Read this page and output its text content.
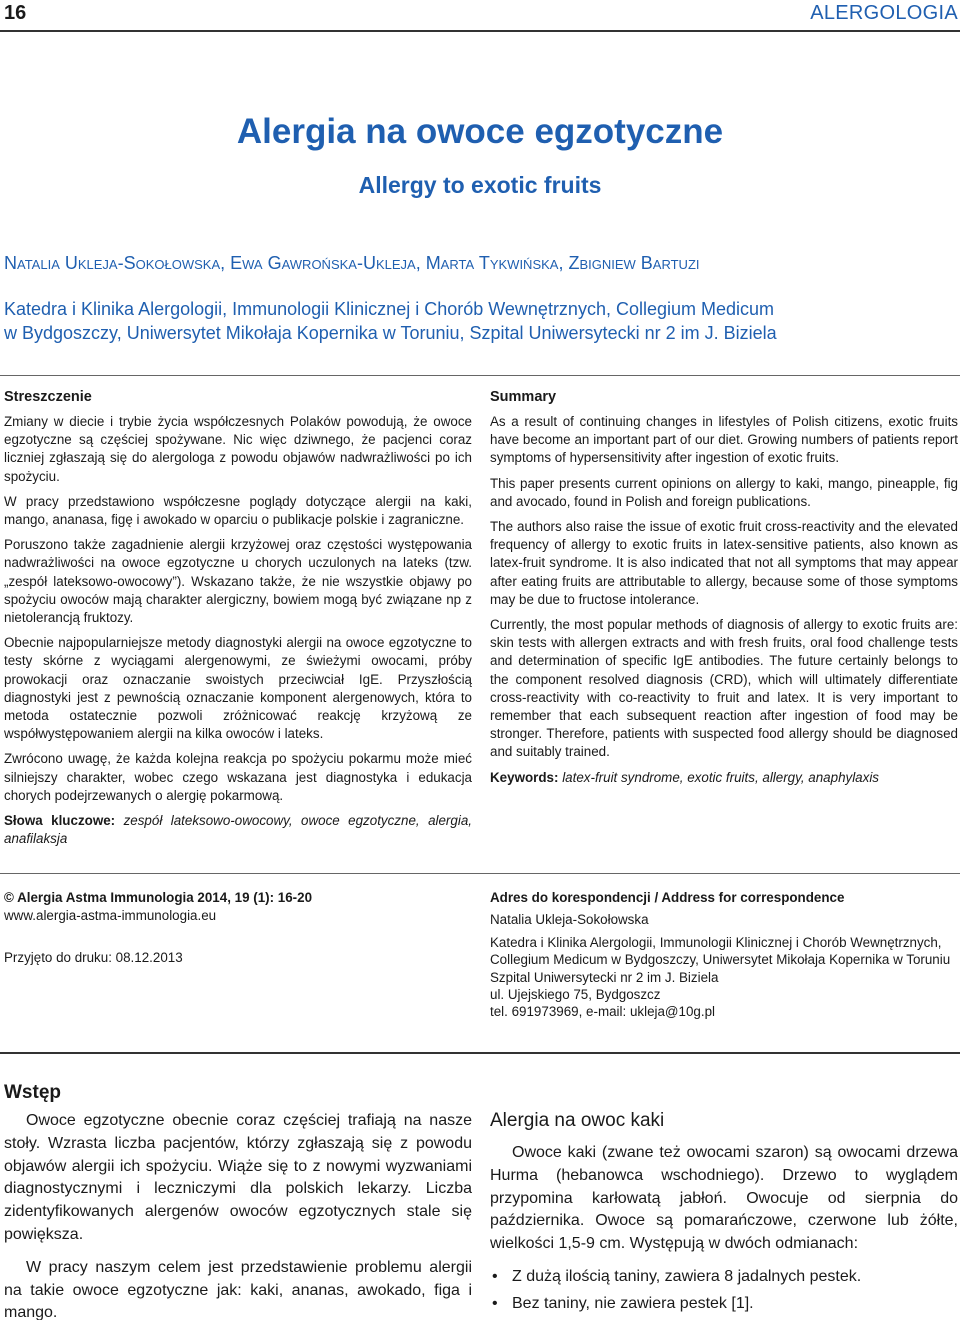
16	ALERGOLOGIA
Alergia na owoce egzotyczne
Allergy to exotic fruits
Natalia Ukleja-Sokołowska, Ewa Gawrońska-Ukleja, Marta Tykwińska, Zbigniew Bartuzi
Katedra i Klinika Alergologii, Immunologii Klinicznej i Chorób Wewnętrznych, Collegium Medicum
w Bydgoszczy, Uniwersytet Mikołaja Kopernika w Toruniu, Szpital Uniwersytecki nr 2 im J. Biziela
Streszczenie

Zmiany w diecie i trybie życia współczesnych Polaków powodują, że owoce egzotyczne są częściej spożywane. Nic więc dziwnego, że pacjenci coraz liczniej zgłaszają się do alergologa z powodu objawów nadwrażliwości po ich spożyciu.

W pracy przedstawiono współczesne poglądy dotyczące alergii na kaki, mango, ananasa, figę i awokado w oparciu o publikacje polskie i zagraniczne.

Poruszono także zagadnienie alergii krzyżowej oraz częstości występowania nadwrażliwości na owoce egzotyczne u chorych uczulonych na lateks (tzw. „zespół lateksowo-owocowy”). Wskazano także, że nie wszystkie objawy po spożyciu owoców mają charakter alergiczny, bowiem mogą być związane np z nietolerancją fruktozy.

Obecnie najpopularniejsze metody diagnostyki alergii na owoce egzotyczne to testy skórne z wyciągami alergenowymi, ze świeżymi owocami, próby prowokacji oraz oznaczanie swoistych przeciwciał IgE. Przyszłością diagnostyki jest z pewnością oznaczanie komponent alergenowych, która to metoda ostatecznie pozwoli zróżnicować reakcję krzyżową ze współwystępowaniem alergii na kilka owoców i lateks.

Zwrócono uwagę, że każda kolejna reakcja po spożyciu pokarmu może mieć silniejszy charakter, wobec czego wskazana jest diagnostyka i edukacja chorych podejrzewanych o alergię pokarmową.

Słowa kluczowe: zespół lateksowo-owocowy, owoce egzotyczne, alergia, anafilaksja

Summary

As a result of continuing changes in lifestyles of Polish citizens, exotic fruits have become an important part of our diet. Growing numbers of patients report symptoms of hypersensitivity after ingestion of exotic fruits.

This paper presents current opinions on allergy to kaki, mango, pineapple, fig and avocado, found in Polish and foreign publications.

The authors also raise the issue of exotic fruit cross-reactivity and the elevated frequency of allergy to exotic fruits in latex-sensitive patients, also known as latex-fruit syndrome. It is also indicated that not all symptoms that may appear after eating fruits are attributable to allergy, because some of those symptoms may be due to fructose intolerance.

Currently, the most popular methods of diagnosis of allergy to exotic fruits are: skin tests with allergen extracts and with fresh fruits, oral food challenge tests and determination of specific IgE antibodies. The future certainly belongs to the component resolved diagnosis (CRD), which will ultimately differentiate cross-reactivity with co-reactivity to fruit and latex. It is very important to remember that each subsequent reaction after ingestion of food may be stronger. Therefore, patients with suspected food allergy should be diagnosed and suitably trained.

Keywords: latex-fruit syndrome, exotic fruits, allergy, anaphylaxis

© Alergia Astma Immunologia 2014, 19 (1): 16-20
www.alergia-astma-immunologia.eu
Przyjęto do druku: 08.12.2013
Adres do korespondencji / Address for correspondence
Natalia Ukleja-Sokołowska
Katedra i Klinika Alergologii, Immunologii Klinicznej i Chorób Wewnętrznych, Collegium Medicum w Bydgoszczy, Uniwersytet Mikołaja Kopernika w Toruniu
Szpital Uniwersytecki nr 2 im J. Biziela
ul. Ujejskiego 75, Bydgoszcz
tel. 691973969, e-mail: ukleja@10g.pl
Wstęp

Owoce egzotyczne obecnie coraz częściej trafiają na nasze stoły. Wzrasta liczba pacjentów, którzy zgłaszają się z powodu objawów alergii ich spożyciu. Wiąże się to z nowymi wyzwaniami diagnostycznymi i leczniczymi dla polskich lekarzy. Liczba zidentyfikowanych alergenów owoców egzotycznych stale się powiększa.

W pracy naszym celem jest przedstawienie problemu alergii na takie owoce egzotyczne jak: kaki, ananas, awokado, figa i mango.

Alergia na owoc kaki

Owoce kaki (zwane też owocami szaron) są owocami drzewa Hurma (hebanowca wschodniego). Drzewo to wyglądem przypomina karłowatą jabłoń. Owocuje od sierpnia do października. Owoce są pomarańczowe, czerwone lub żółte, wielkości 1,5-9 cm. Występują w dwóch odmianach:

• Z dużą ilością taniny, zawiera 8 jadalnych pestek.
• Bez taniny, nie zawiera pestek [1].
